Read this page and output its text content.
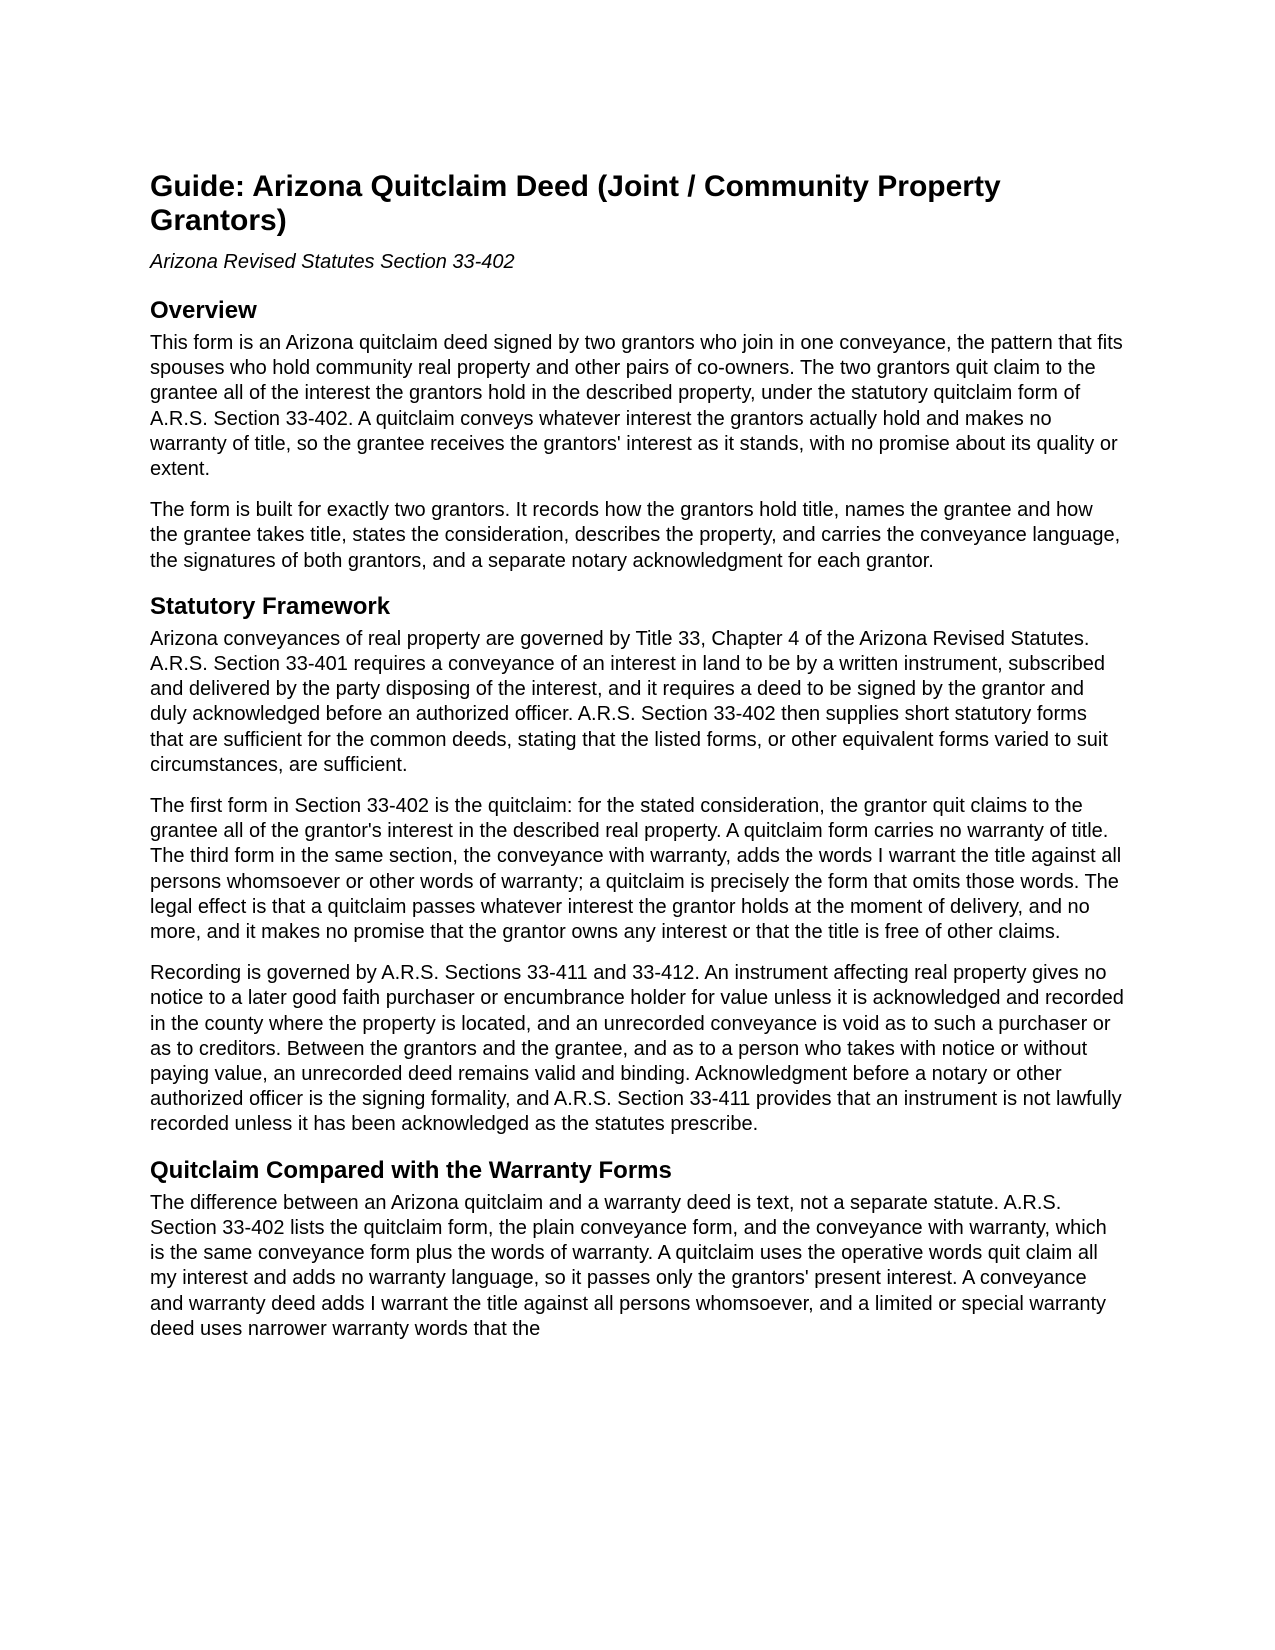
Guide: Arizona Quitclaim Deed (Joint / Community Property Grantors)
Arizona Revised Statutes Section 33-402
Overview

This form is an Arizona quitclaim deed signed by two grantors who join in one conveyance, the pattern that fits spouses who hold community real property and other pairs of co-owners. The two grantors quit claim to the grantee all of the interest the grantors hold in the described property, under the statutory quitclaim form of A.R.S. Section 33-402. A quitclaim conveys whatever interest the grantors actually hold and makes no warranty of title, so the grantee receives the grantors' interest as it stands, with no promise about its quality or extent.

The form is built for exactly two grantors. It records how the grantors hold title, names the grantee and how the grantee takes title, states the consideration, describes the property, and carries the conveyance language, the signatures of both grantors, and a separate notary acknowledgment for each grantor.

Statutory Framework

Arizona conveyances of real property are governed by Title 33, Chapter 4 of the Arizona Revised Statutes. A.R.S. Section 33-401 requires a conveyance of an interest in land to be by a written instrument, subscribed and delivered by the party disposing of the interest, and it requires a deed to be signed by the grantor and duly acknowledged before an authorized officer. A.R.S. Section 33-402 then supplies short statutory forms that are sufficient for the common deeds, stating that the listed forms, or other equivalent forms varied to suit circumstances, are sufficient.

The first form in Section 33-402 is the quitclaim: for the stated consideration, the grantor quit claims to the grantee all of the grantor's interest in the described real property. A quitclaim form carries no warranty of title. The third form in the same section, the conveyance with warranty, adds the words I warrant the title against all persons whomsoever or other words of warranty; a quitclaim is precisely the form that omits those words. The legal effect is that a quitclaim passes whatever interest the grantor holds at the moment of delivery, and no more, and it makes no promise that the grantor owns any interest or that the title is free of other claims.

Recording is governed by A.R.S. Sections 33-411 and 33-412. An instrument affecting real property gives no notice to a later good faith purchaser or encumbrance holder for value unless it is acknowledged and recorded in the county where the property is located, and an unrecorded conveyance is void as to such a purchaser or as to creditors. Between the grantors and the grantee, and as to a person who takes with notice or without paying value, an unrecorded deed remains valid and binding. Acknowledgment before a notary or other authorized officer is the signing formality, and A.R.S. Section 33-411 provides that an instrument is not lawfully recorded unless it has been acknowledged as the statutes prescribe.

Quitclaim Compared with the Warranty Forms

The difference between an Arizona quitclaim and a warranty deed is text, not a separate statute. A.R.S. Section 33-402 lists the quitclaim form, the plain conveyance form, and the conveyance with warranty, which is the same conveyance form plus the words of warranty. A quitclaim uses the operative words quit claim all my interest and adds no warranty language, so it passes only the grantors' present interest. A conveyance and warranty deed adds I warrant the title against all persons whomsoever, and a limited or special warranty deed uses narrower warranty words that the
